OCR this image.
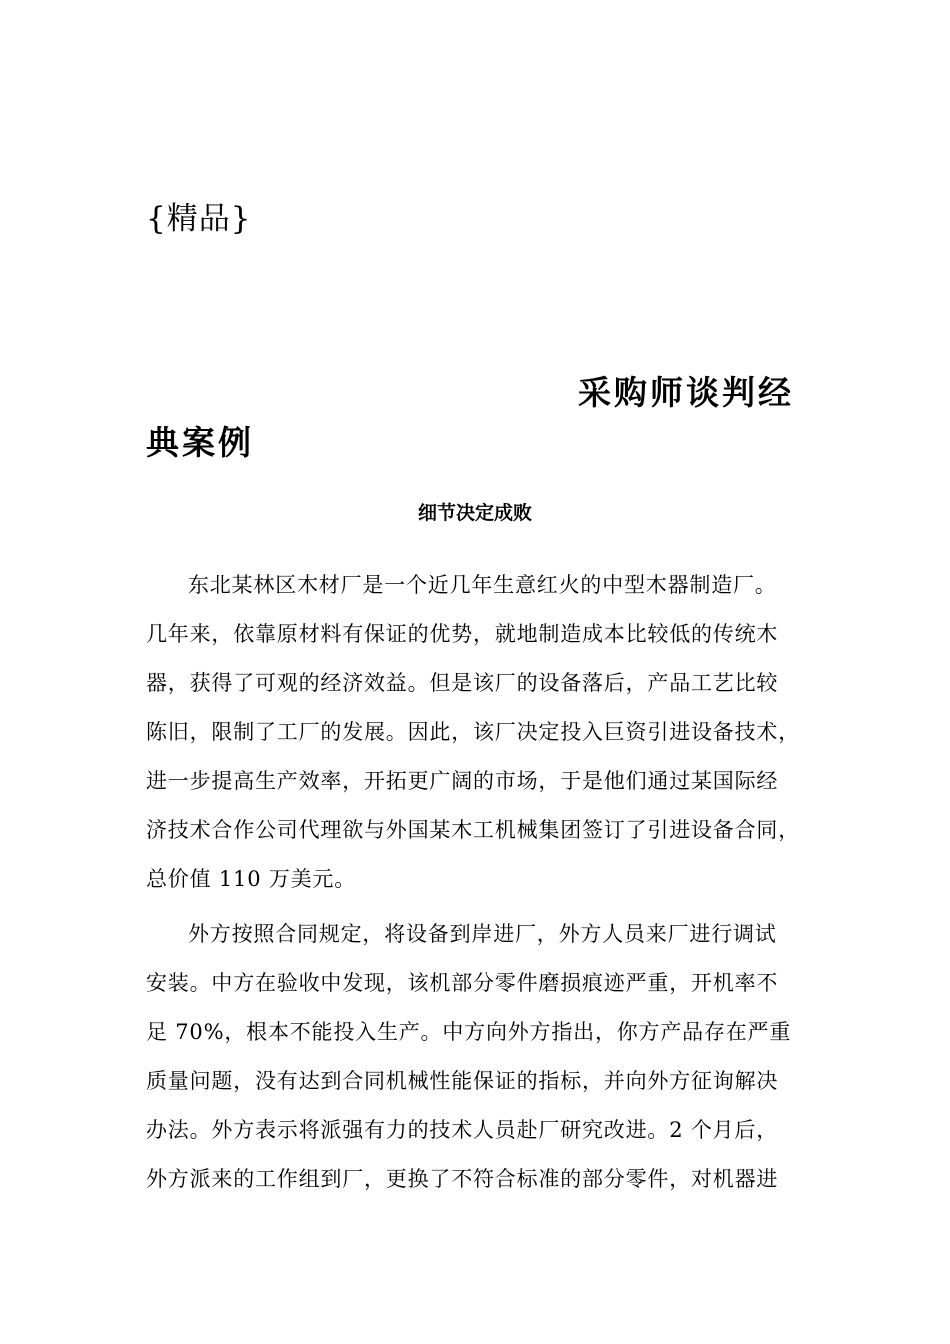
{精品}
采购师谈判经
典案例
细节决定成败
东北某林区木材厂是一个近几年生意红火的中型木器制造厂。
几年来，依靠原材料有保证的优势，就地制造成本比较低的传统木
器，获得了可观的经济效益。但是该厂的设备落后，产品工艺比较
陈旧，限制了工厂的发展。因此，该厂决定投入巨资引进设备技术，
进一步提高生产效率，开拓更广阔的市场，于是他们通过某国际经
济技术合作公司代理欲与外国某木工机械集团签订了引进设备合同，
总价值 110 万美元。
外方按照合同规定，将设备到岸进厂，外方人员来厂进行调试
安装。中方在验收中发现，该机部分零件磨损痕迹严重，开机率不
足 70%，根本不能投入生产。中方向外方指出，你方产品存在严重
质量问题，没有达到合同机械性能保证的指标，并向外方征询解决
办法。外方表示将派强有力的技术人员赴厂研究改进。2 个月后，
外方派来的工作组到厂，更换了不符合标准的部分零件，对机器进
